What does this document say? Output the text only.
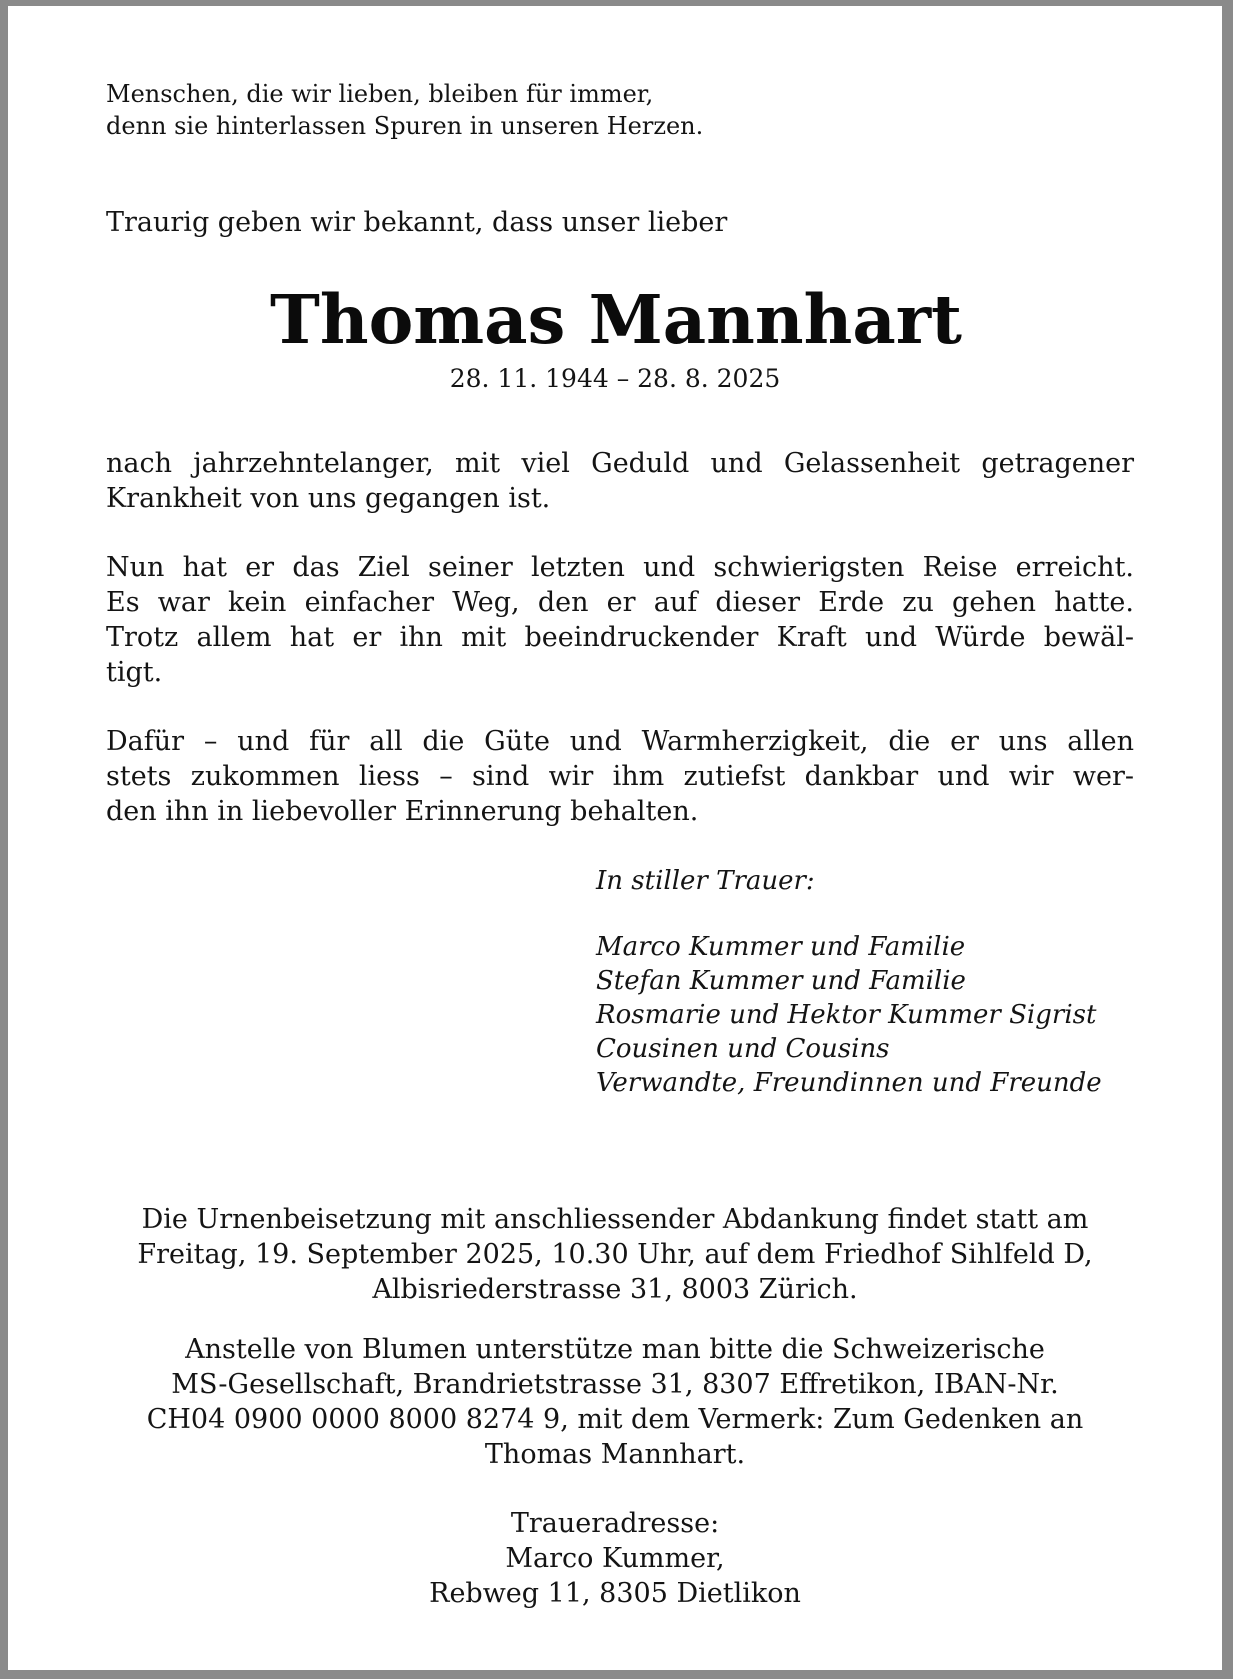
Menschen, die wir lieben, bleiben für immer,
denn sie hinterlassen Spuren in unseren Herzen.
Traurig geben wir bekannt, dass unser lieber
Thomas Mannhart
28. 11. 1944 – 28. 8. 2025
nach jahrzehntelanger, mit viel Geduld und Gelassenheit getragener
Krankheit von uns gegangen ist.
Nun hat er das Ziel seiner letzten und schwierigsten Reise erreicht.
Es war kein einfacher Weg, den er auf dieser Erde zu gehen hatte.
Trotz allem hat er ihn mit beeindruckender Kraft und Würde bewäl-
tigt.
Dafür – und für all die Güte und Warmherzigkeit, die er uns allen
stets zukommen liess – sind wir ihm zutiefst dankbar und wir wer-
den ihn in liebevoller Erinnerung behalten.
In stiller Trauer:
Marco Kummer und Familie
Stefan Kummer und Familie
Rosmarie und Hektor Kummer Sigrist
Cousinen und Cousins
Verwandte, Freundinnen und Freunde
Die Urnenbeisetzung mit anschliessender Abdankung findet statt am
Freitag, 19. September 2025, 10.30 Uhr, auf dem Friedhof Sihlfeld D,
Albisriederstrasse 31, 8003 Zürich.
Anstelle von Blumen unterstütze man bitte die Schweizerische
MS-Gesellschaft, Brandrietstrasse 31, 8307 Effretikon, IBAN-Nr.
CH04 0900 0000 8000 8274 9, mit dem Vermerk: Zum Gedenken an
Thomas Mannhart.
Traueradresse:
Marco Kummer,
Rebweg 11, 8305 Dietlikon
